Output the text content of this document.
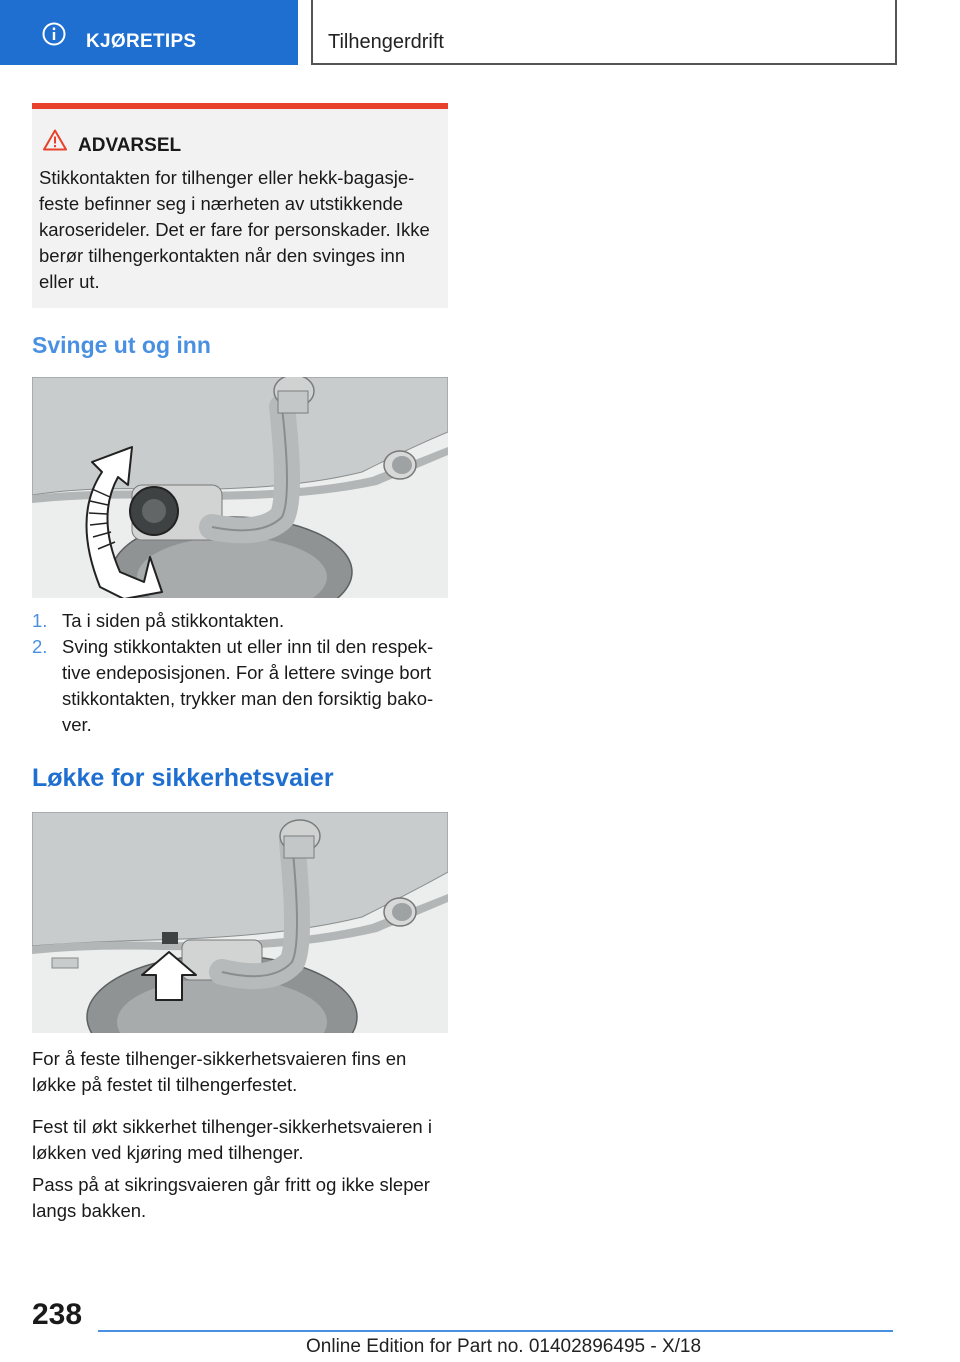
KJØRETIPS	Tilhengerdrift
ADVARSEL
Stikkontakten for tilhenger eller hekk-bagasje-
feste befinner seg i nærheten av utstikkende
karoserideler. Det er fare for personskader. Ikke
berør tilhengerkontakten når den svinges inn
eller ut.
Svinge ut og inn
1. Ta i siden på stikkontakten.
2. Sving stikkontakten ut eller inn til den respek-
tive endeposisjonen. For å lettere svinge bort
stikkontakten, trykker man den forsiktig bako-
ver.
Løkke for sikkerhetsvaier
For å feste tilhenger-sikkerhetsvaieren fins en
løkke på festet til tilhengerfestet.
Fest til økt sikkerhet tilhenger-sikkerhetsvaieren i
løkken ved kjøring med tilhenger.
Pass på at sikringsvaieren går fritt og ikke sleper
langs bakken.
238
Online Edition for Part no. 01402896495 - X/18
